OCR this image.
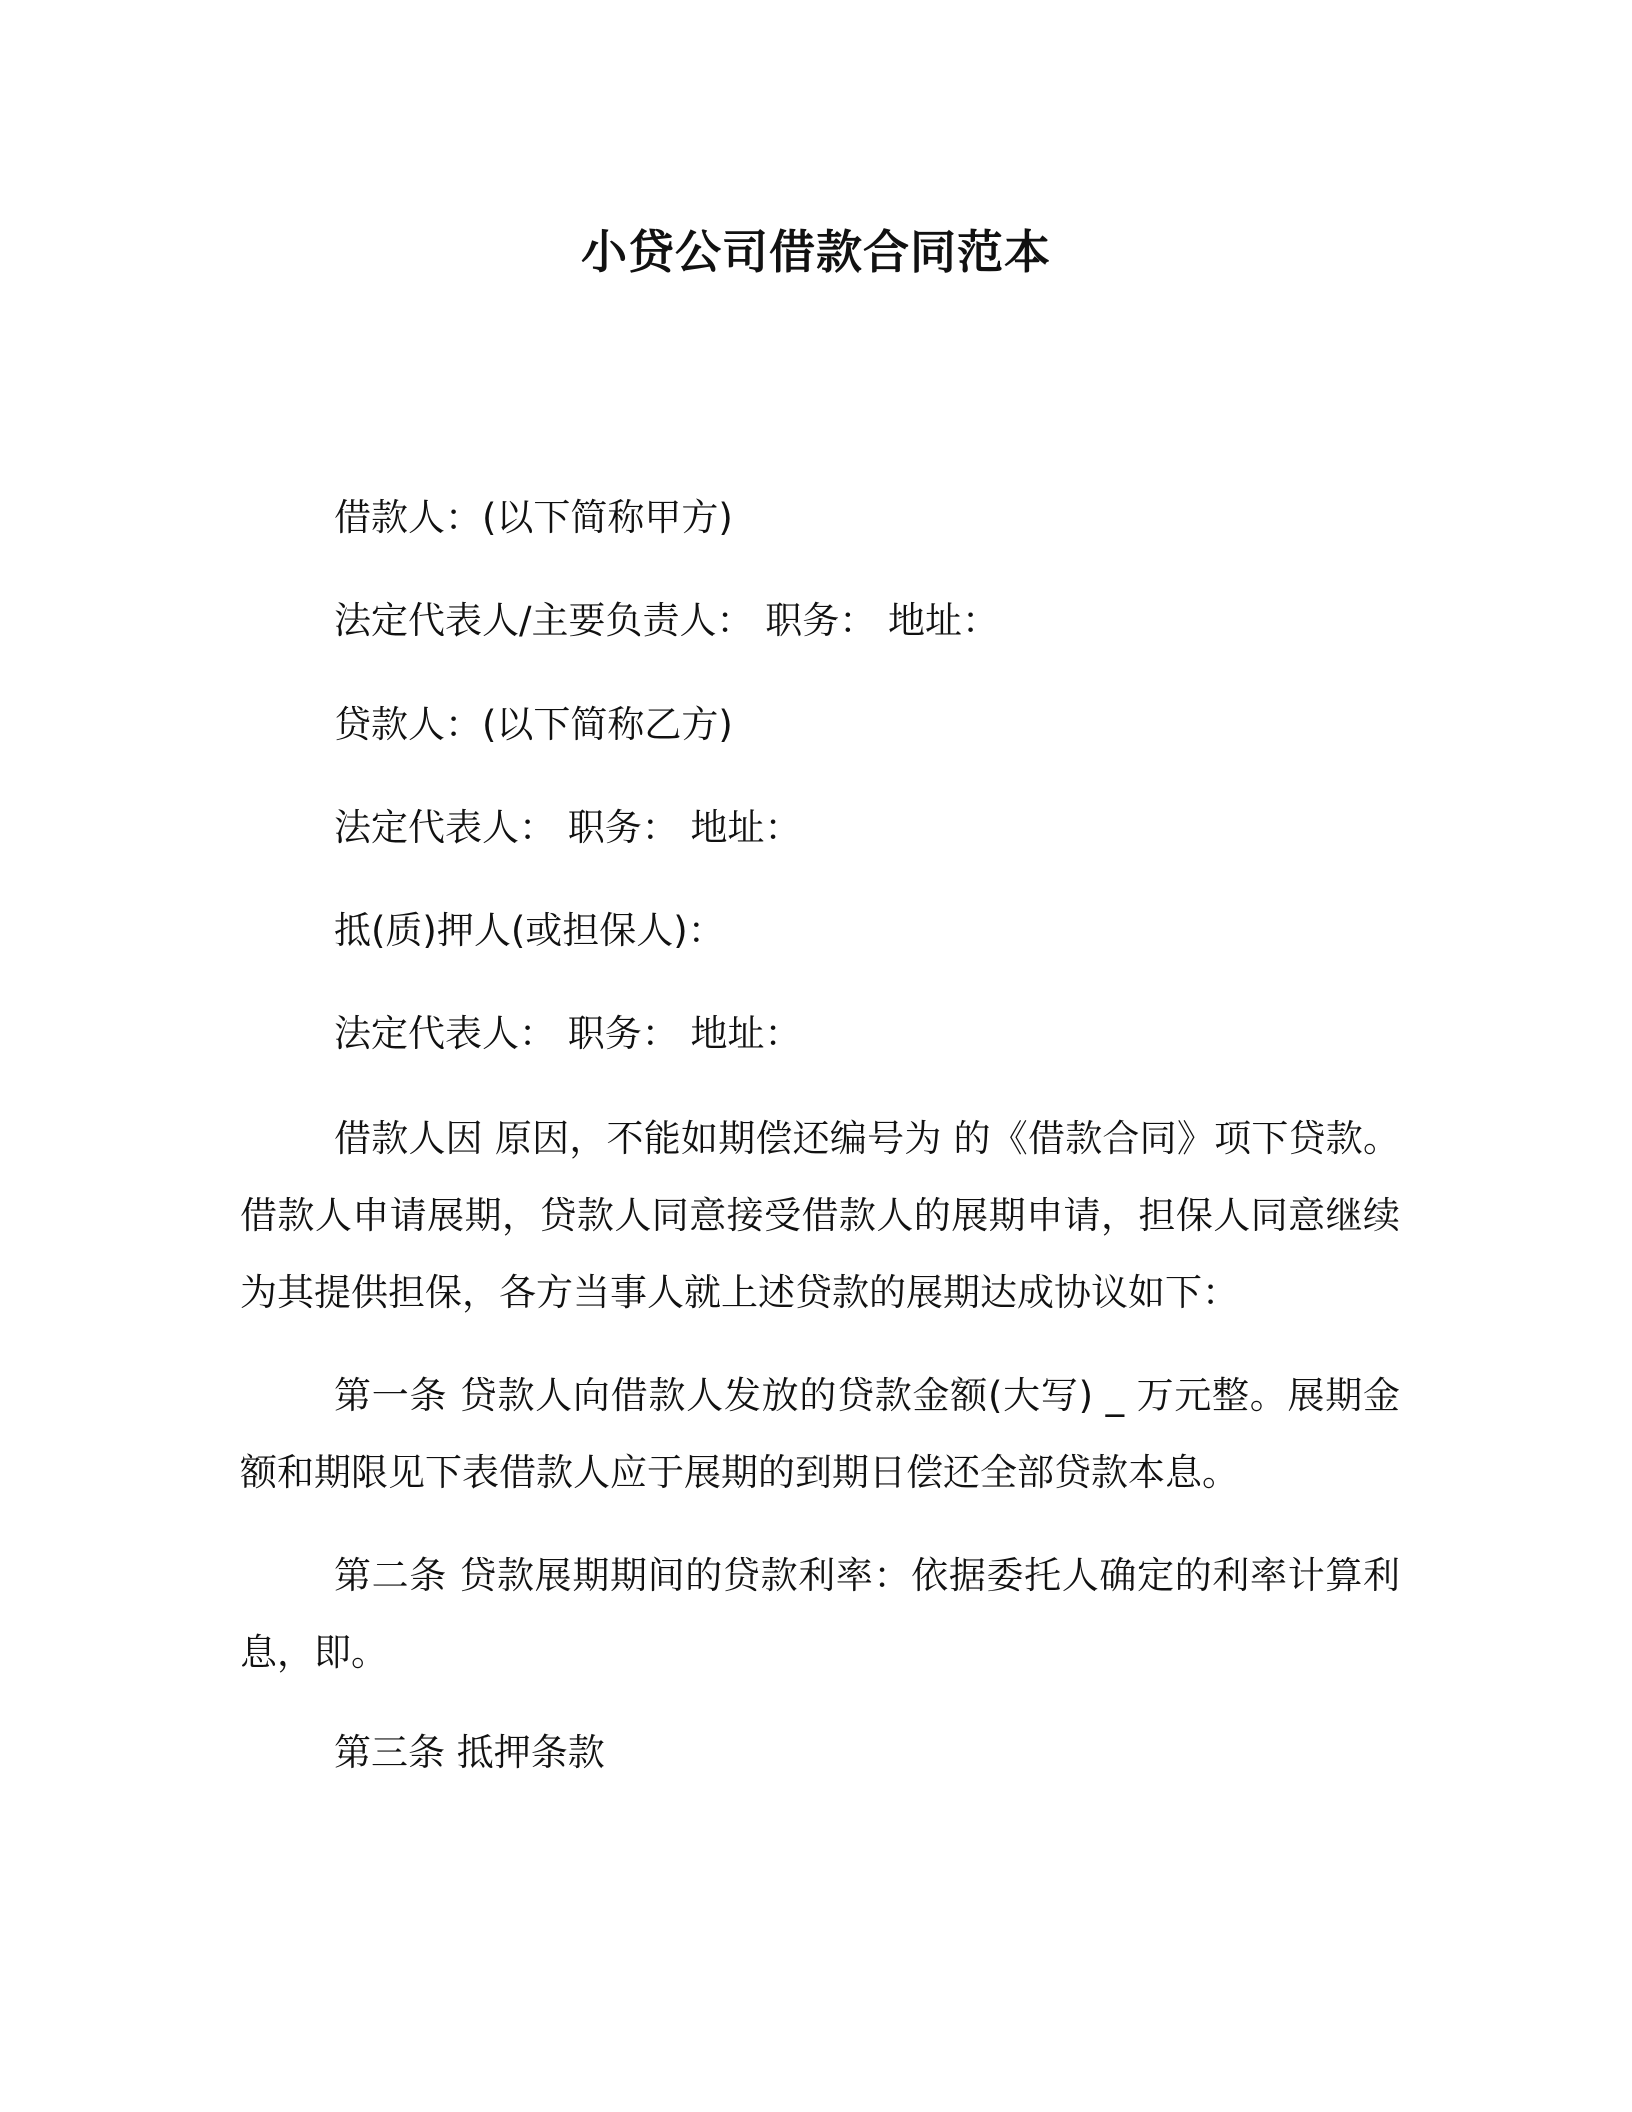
小贷公司借款合同范本
借款人：(以下简称甲方)
法定代表人/主要负责人： 职务： 地址：
贷款人：(以下简称乙方)
法定代表人： 职务： 地址：
抵(质)押人(或担保人)：
法定代表人： 职务： 地址：
借款人因 原因，不能如期偿还编号为 的《借款合同》项下贷款。借款人申请展期，贷款人同意接受借款人的展期申请，担保人同意继续为其提供担保，各方当事人就上述贷款的展期达成协议如下：
第一条 贷款人向借款人发放的贷款金额(大写) _ 万元整。展期金额和期限见下表借款人应于展期的到期日偿还全部贷款本息。
第二条 贷款展期期间的贷款利率：依据委托人确定的利率计算利息，即。
第三条 抵押条款
